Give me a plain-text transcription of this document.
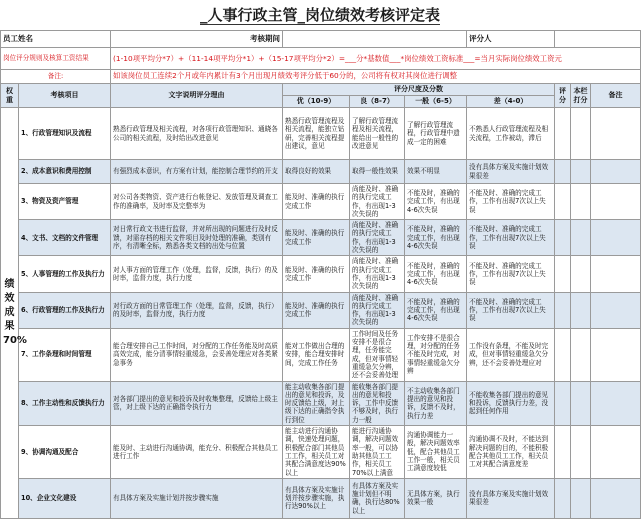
_人事行政主管_岗位绩效考核评定表
员工姓名		考核期间				评分人			
岗位评分规则及核算工资结果		(1-10项平均分*7）+（11-14项平均分*1）+（15-17项平均分*2）=___分*基数值___*岗位绩效工资标准___=当月实际岗位绩效工资元							
备注:		如该岗位员工连续2个月或年内累计有3个月出现月绩效考评分低于60分的，公司将有权对其岗位进行调整							
权重	考核项目	文字说明评分理由	评分尺度及分数				评分	本栏打分	备注
			优（10-9）	良（8-7）	一般（6-5）	差（4-0）			
绩效成果70%	1、行政管理知识及流程	熟悉行政管理及相关流程，对各项行政管理知识、通晓各公司的相关流程，及时给出改进意见	熟悉行政管理流程及相关流程，能独立钻研，完善相关流程提出建议，意见	了解行政管理流程及相关流程，能给出一般性的改进意见	了解行政管理流程，行政管理中遗成一定的困难	不熟悉人行政管理流程及相关流程，工作被动，滞后			
	2、成本意识和费用控制	有强烈成本意识，有方案有计划，能控制合理节约的开支	取得良好的效果	取得一般性效果	效果不明显	没有具体方案及实施计划效果很差			
	3、物资及资产管理	对公司各类物资、资产进行台帐登记、发放管理及调查工作的准确率，及时率及完整率为	能及时、准确的执行完成工作	尚能及时、准确的执行完成工作，有出现1-3次失误的	不能及时，准确的完成工作，有出现4-6次失误	不能及时、准确的完成工作，工作有出现7次以上失误			
	4、文书、文档的文件管理	对日常行政文书进行监督，并对所出现的问题进行及时反馈，对需存档的相关文件项目及时处理的准确，类别有序，有清晰全标，熟悉各类文档的出处与位置	能及时、准确的执行完成工作	尚能及时、准确的执行完成工作，有出现1-3次失误的	不能及时，准确的完成工作，有出现4-6次失误	不能及时、准确的完成工作，工作有出现7次以上失误			
	5、人事管理的工作及执行力	对人事方面的管理工作（处理，监督，反馈，执行）的及时率，监督力度，执行力度	能及时、准确的执行完成工作	尚能及时、准确的执行完成工作，有出现1-3次失误的	不能及时，准确的完成工作，有出现4-6次失误	不能及时、准确的完成工作，工作有出现7次以上失误			
	6、行政管理的工作及执行力	对行政方面的日常管理工作（处理，监督，反馈，执行）的及时率，监督力度，执行力度	能及时、准确的执行完成工作	尚能及时、准确的执行完成工作，有出现1-3次失误的	不能及时，准确的完成工作，有出现4-6次失误	不能及时、准确的完成工作，工作有出现7次以上失误			
	7、工作条理和时间管理	能合理安排自己工作时间，对分配的工作任务能及时高质高效完成，能分清事情轻重缓急，会妥善处理应对各类紧急事务	能对工作做出合理的安排，能合理安排时间，完成工作任务	工作时间及任务安排不是很合理，任务能完成，但对事情轻重缓急欠分辨，还不会妥善处理	工作安排不是很合理，对分配的任务不能及时完成，对事情轻重缓急欠分辨	工作没有条理，不能及时完成，但对事情轻重缓急欠分辨，还不会妥善处理应对			
	8、工作主动性和反馈执行力	对各部门提出的意见和投诉及时收集整理，反馈给上级主管，对上级下达的正确指令执行力	能主动收集各部门提出的意见和投诉，及时反馈给上级，对上级下达的正确指令执行到位	能收集各部门提出的意见和投诉，工作中反馈不够及时，执行力一般	不主动收集各部门提出的意见和投诉，反馈不及时，执行力差	不能收集各部门提出的意见和投诉，反馈执行力差，没起到任何作用			
	9、协调沟通及配合	能及时、主动进行沟通协调，能充分、积极配合其他员工进行工作	能主动进行沟通协调，快速处理问题，积极配合部门其他员工工作，相关员工对其配合满意度达90%以上	能进行沟通协调，解决问题效率一般，可以协助其他员工工作，相关员工70%以上满意	沟通协调能力一般，解决问题效率低，配合其他员工工作一般，相关员工满意度较低	沟通协调不及时，不能达到解决问题的目的，不能积极配合其他员工工作，相关员工对其配合满意度差			
	10、企业文化建设	有具体方案及实施计划并按步骤实施	有具体方案及实施计划并按步骤实施，执行达90%以上	有具体方案及实施计划但不明确，执行达80%以上	无具体方案，执行效果一般	没有具体方案及实施计划效果很差			
